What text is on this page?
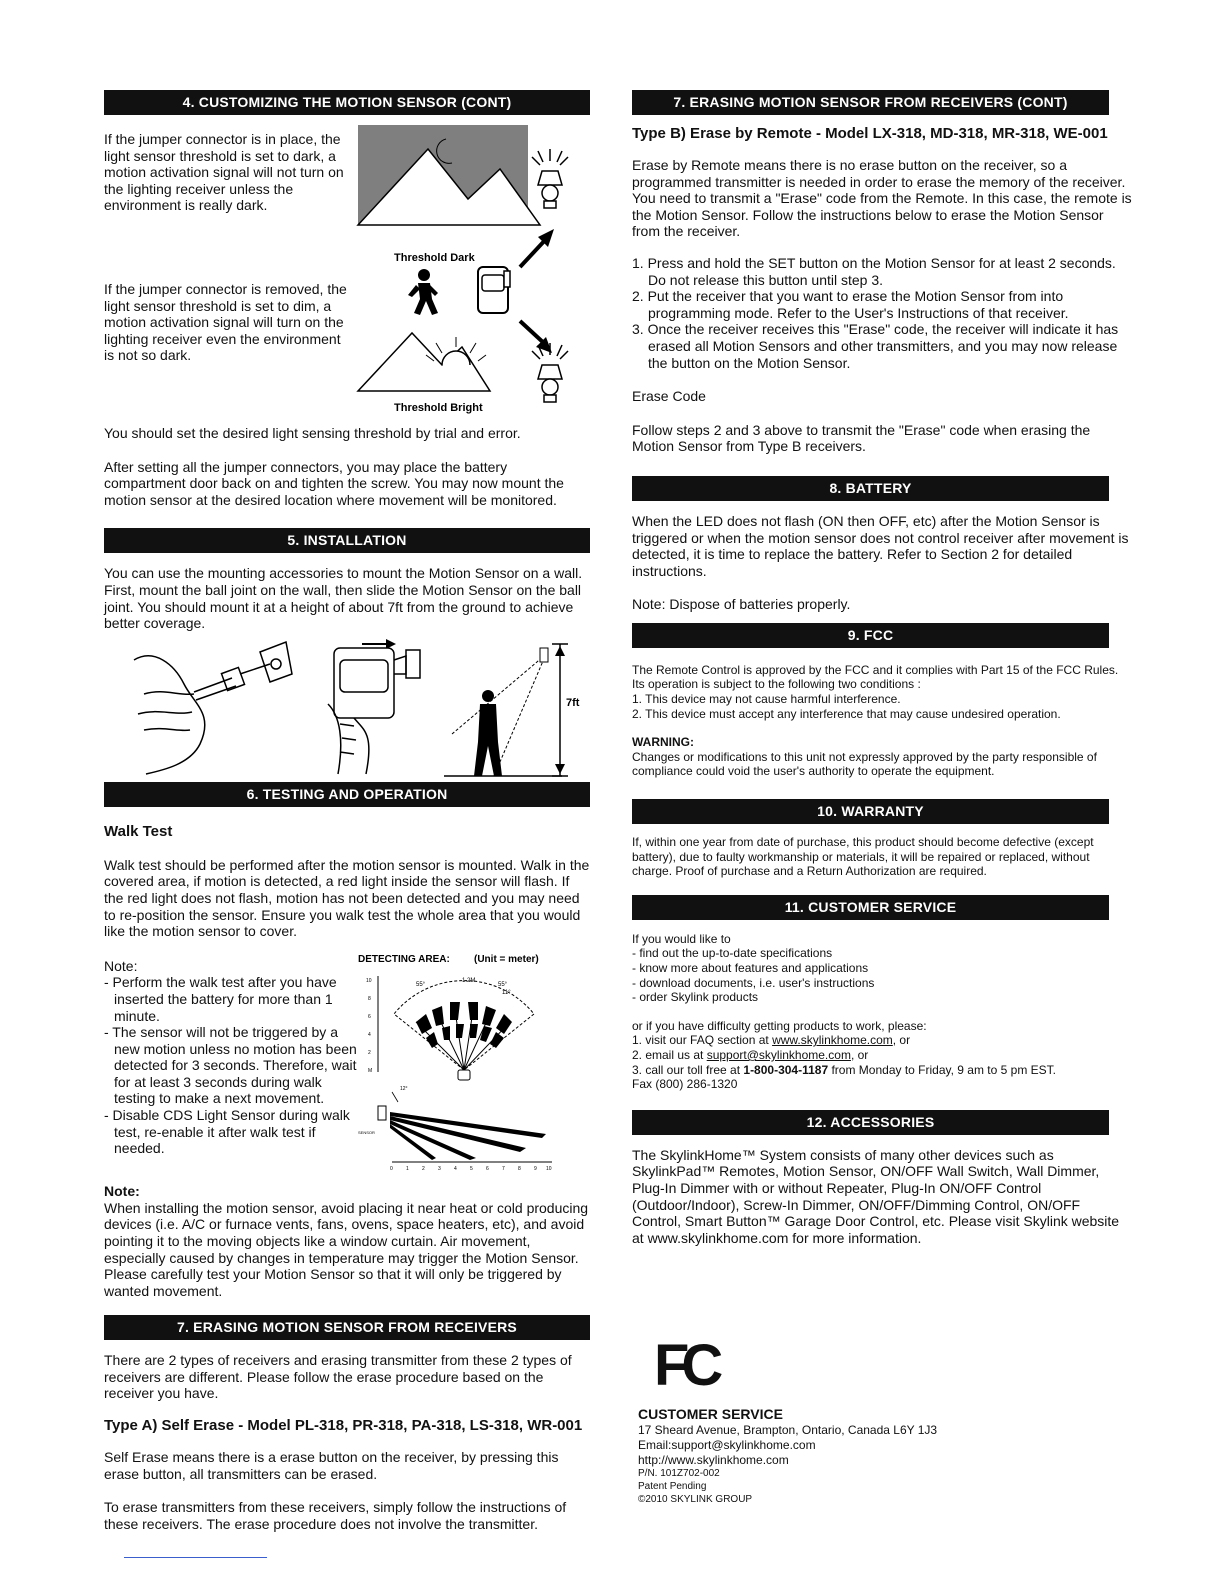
4. CUSTOMIZING THE MOTION SENSOR (CONT)

If the jumper connector is in place, the light sensor threshold is set to dark, a motion activation signal will not turn on the lighting receiver unless the environment is really dark.

If the jumper connector is removed, the light sensor threshold is set to dim, a motion activation signal will turn on the lighting receiver even the environment is not so dark.

Threshold Dark
Threshold Bright

You should set the desired light sensing threshold by trial and error.

After setting all the jumper connectors, you may place the battery compartment door back on and tighten the screw. You may now mount the motion sensor at the desired location where movement will be monitored.

5. INSTALLATION

You can use the mounting accessories to mount the Motion Sensor on a wall. First, mount the ball joint on the wall, then slide the Motion Sensor on the ball joint. You should mount it at a height of about 7ft from the ground to achieve better coverage.

7ft
6. TESTING AND OPERATION

Walk Test

Walk test should be performed after the motion sensor is mounted. Walk in the covered area, if motion is detected, a red light inside the sensor will flash. If the red light does not flash, motion has not been detected and you may need to re-position the sensor. Ensure you walk test the whole area that you would like the motion sensor to cover.

Note:

- Perform the walk test after you have inserted the battery for more than 1 minute.
- The sensor will not be triggered by a new motion unless no motion has been detected for 3 seconds. Therefore, wait for at least 3 seconds during walk testing to make a next movement.
- Disable CDS Light Sensor during walk test, re-enable it after walk test if needed.
DETECTING AREA: (Unit = meter)
10
8
6
4
2
M
55°
1.2M
55°
11°
12°
SENSOR
0	1	2	3	4	5	6	7	8	9 10

Note:

When installing the motion sensor, avoid placing it near heat or cold producing devices (i.e. A/C or furnace vents, fans, ovens, space heaters, etc), and avoid pointing it to the moving objects like a window curtain. Air movement, especially caused by changes in temperature may trigger the Motion Sensor. Please carefully test your Motion Sensor so that it will only be triggered by wanted movement.

7. ERASING MOTION SENSOR FROM RECEIVERS

There are 2 types of receivers and erasing transmitter from these 2 types of receivers are different. Please follow the erase procedure based on the receiver you have.

Type A) Self Erase - Model PL-318, PR-318, PA-318, LS-318, WR-001

Self Erase means there is a erase button on the receiver, by pressing this erase button, all transmitters can be erased.

To erase transmitters from these receivers, simply follow the instructions of these receivers. The erase procedure does not involve the transmitter.

7. ERASING MOTION SENSOR FROM RECEIVERS (CONT)

Type B) Erase by Remote - Model LX-318, MD-318, MR-318, WE-001

Erase by Remote means there is no erase button on the receiver, so a programmed transmitter is needed in order to erase the memory of the receiver. You need to transmit a "Erase" code from the Remote. In this case, the remote is the Motion Sensor. Follow the instructions below to erase the Motion Sensor from the receiver.

1. Press and hold the SET button on the Motion Sensor for at least 2 seconds. Do not release this button until step 3.
2. Put the receiver that you want to erase the Motion Sensor from into programming mode. Refer to the User's Instructions of that receiver.
3. Once the receiver receives this "Erase" code, the receiver will indicate it has erased all Motion Sensors and other transmitters, and you may now release the button on the Motion Sensor.

Erase Code

Follow steps 2 and 3 above to transmit the "Erase" code when erasing the Motion Sensor from Type B receivers.

8. BATTERY

When the LED does not flash (ON then OFF, etc) after the Motion Sensor is triggered or when the motion sensor does not control receiver after movement is detected, it is time to replace the battery. Refer to Section 2 for detailed instructions.

Note: Dispose of batteries properly.

9. FCC

The Remote Control is approved by the FCC and it complies with Part 15 of the FCC Rules. Its operation is subject to the following two conditions :

1. This device may not cause harmful interference.

2. This device must accept any interference that may cause undesired operation.

WARNING:

Changes or modifications to this unit not expressly approved by the party responsible of compliance could void the user's authority to operate the equipment.

10. WARRANTY

If, within one year from date of purchase, this product should become defective (except battery), due to faulty workmanship or materials, it will be repaired or replaced, without charge. Proof of purchase and a Return Authorization are required.

11. CUSTOMER SERVICE

If you would like to

- find out the up-to-date specifications

- know more about features and applications

- download documents, i.e. user's instructions

- order Skylink products

or if you have difficulty getting products to work, please:

1. visit our FAQ section at www.skylinkhome.com, or

2. email us at support@skylinkhome.com, or

3. call our toll free at 1-800-304-1187 from Monday to Friday, 9 am to 5 pm EST.

Fax (800) 286-1320

12. ACCESSORIES

The SkylinkHome™ System consists of many other devices such as SkylinkPad™ Remotes, Motion Sensor, ON/OFF Wall Switch, Wall Dimmer, Plug-In Dimmer with or without Repeater, Plug-In ON/OFF Control (Outdoor/Indoor), Screw-In Dimmer, ON/OFF/Dimming Control, ON/OFF Control, Smart Button™ Garage Door Control, etc. Please visit Skylink website at www.skylinkhome.com for more information.

FC

CUSTOMER SERVICE

17 Sheard Avenue, Brampton, Ontario, Canada L6Y 1J3

Email:support@skylinkhome.com

http://www.skylinkhome.com

P/N. 101Z702-002

Patent Pending

©2010 SKYLINK GROUP
